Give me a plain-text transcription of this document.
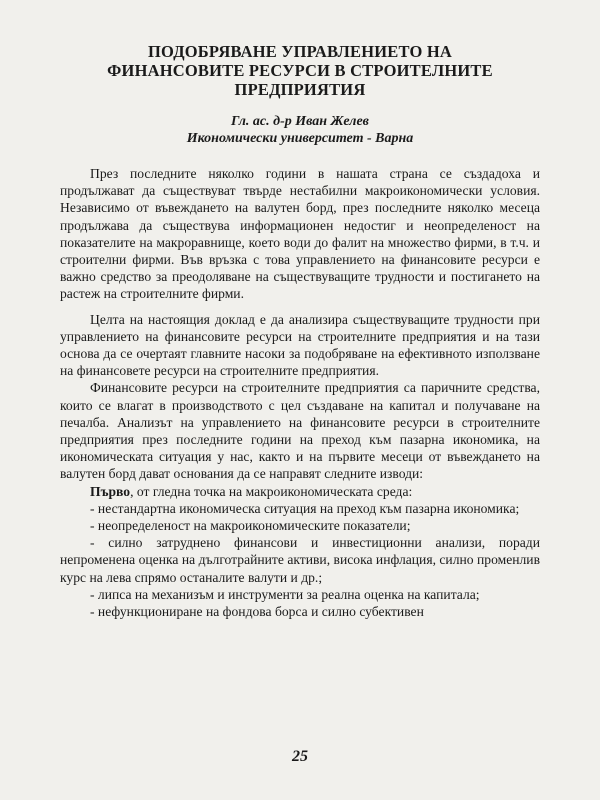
ПОДОБРЯВАНЕ УПРАВЛЕНИЕТО НА
ФИНАНСОВИТЕ РЕСУРСИ В СТРОИТЕЛНИТЕ
ПРЕДПРИЯТИЯ
Гл. ас. д-р Иван Желев
Икономически университет - Варна

През последните няколко години в нашата страна се създадоха и продължават да съществуват твърде нестабилни макроикономически условия. Независимо от въвеждането на валутен борд, през последните няколко месеца продължава да съществува информационен недостиг и неопределеност на показателите на макроравнище, което води до фалит на множество фирми, в т.ч. и строителни фирми. Във връзка с това управлението на финансовите ресурси е важно средство за преодоляване на съществуващите трудности и постигането на растеж на строителните фирми.

Целта на настоящия доклад е да анализира съществуващите трудности при управлението на финансовите ресурси на строителните предприятия и на тази основа да се очертаят главните насоки за подобряване на ефективното използване на финансовете ресурси на строителните предприятия.

Финансовите ресурси на строителните предприятия са паричните средства, които се влагат в производството с цел създаване на капитал и получаване на печалба. Анализът на управлението на финансовите ресурси в строителните предприятия през последните години на преход към пазарна икономика, на икономическата ситуация у нас, както и на първите месеци от въвеждането на валутен борд дават основания да се направят следните изводи:

Първо, от гледна точка на макроикономическата среда:

- нестандартна икономическа ситуация на преход към пазарна икономика;

- неопределеност на макроикономическите показатели;

- силно затруднено финансови и инвестиционни анализи, поради непроменена оценка на дълготрайните активи, висока инфлация, силно променлив курс на лева спрямо останалите валути и др.;

- липса на механизъм и инструменти за реална оценка на капитала;

- нефункциониране на фондова борса и силно субективен

25
